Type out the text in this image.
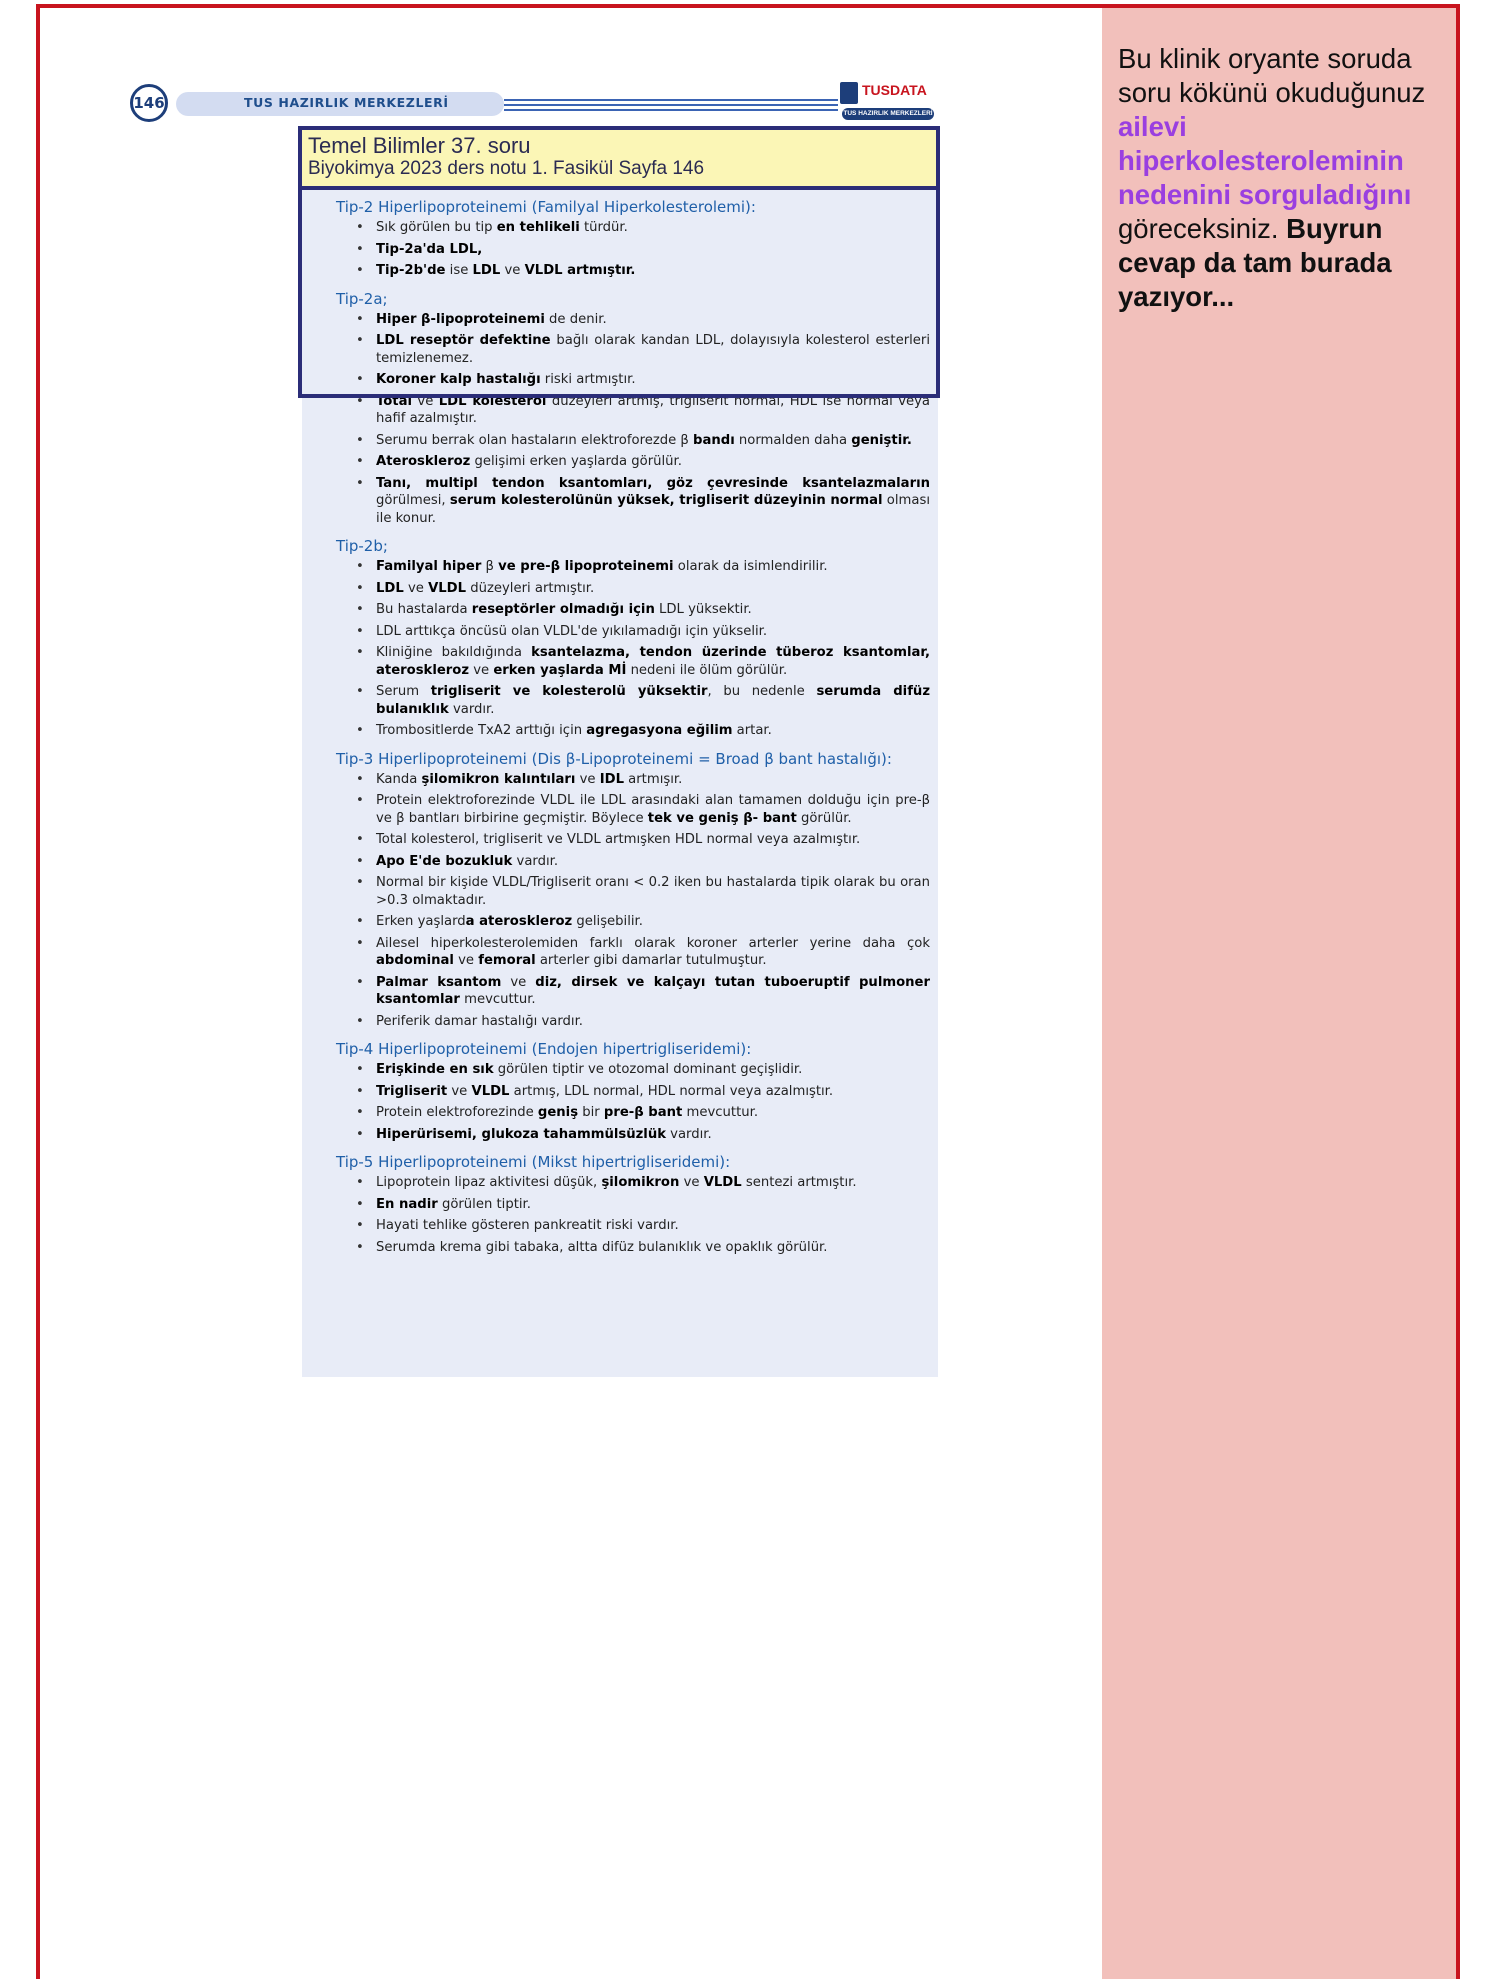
Bu klinik oryante soruda soru kökünü okuduğunuz ailevi hiperkolesteroleminin nedenini sorguladığını göreceksiniz. Buyrun cevap da tam burada yazıyor...
146	TUS HAZIRLIK MERKEZLERİ
TUSDATA
TUS HAZIRLIK MERKEZLERİ
Tip-2 Hiperlipoproteinemi (Familyal Hiperkolesterolemi):
• Sık görülen bu tip en tehlikeli türdür.
• Tip-2a'da LDL,
• Tip-2b'de ise LDL ve VLDL artmıştır.
Tip-2a;
• Hiper β-lipoproteinemi de denir.
• LDL reseptör defektine bağlı olarak kandan LDL, dolayısıyla kolesterol esterleri temizlenemez.
• Koroner kalp hastalığı riski artmıştır.
• Total ve LDL kolesterol düzeyleri artmış, trigliserit normal, HDL ise normal veya hafif azalmıştır.
• Serumu berrak olan hastaların elektroforezde β bandı normalden daha geniştir.
• Ateroskleroz gelişimi erken yaşlarda görülür.
• Tanı, multipl tendon ksantomları, göz çevresinde ksantelazmaların görülmesi, serum kolesterolünün yüksek, trigliserit düzeyinin normal olması ile konur.
Tip-2b;
• Familyal hiper β ve pre-β lipoproteinemi olarak da isimlendirilir.
• LDL ve VLDL düzeyleri artmıştır.
• Bu hastalarda reseptörler olmadığı için LDL yüksektir.
• LDL arttıkça öncüsü olan VLDL'de yıkılamadığı için yükselir.
• Kliniğine bakıldığında ksantelazma, tendon üzerinde tüberoz ksantomlar, ateroskleroz ve erken yaşlarda Mİ nedeni ile ölüm görülür.
• Serum trigliserit ve kolesterolü yüksektir, bu nedenle serumda difüz bulanıklık vardır.
• Trombositlerde TxA2 arttığı için agregasyona eğilim artar.
Tip-3 Hiperlipoproteinemi (Dis β-Lipoproteinemi = Broad β bant hastalığı):
• Kanda şilomikron kalıntıları ve IDL artmışır.
• Protein elektroforezinde VLDL ile LDL arasındaki alan tamamen dolduğu için pre-β ve β bantları birbirine geçmiştir. Böylece tek ve geniş β- bant görülür.
• Total kolesterol, trigliserit ve VLDL artmışken HDL normal veya azalmıştır.
• Apo E'de bozukluk vardır.
• Normal bir kişide VLDL/Trigliserit oranı < 0.2 iken bu hastalarda tipik olarak bu oran >0.3 olmaktadır.
• Erken yaşlarda ateroskleroz gelişebilir.
• Ailesel hiperkolesterolemiden farklı olarak koroner arterler yerine daha çok abdominal ve femoral arterler gibi damarlar tutulmuştur.
• Palmar ksantom ve diz, dirsek ve kalçayı tutan tuboeruptif pulmoner ksantomlar mevcuttur.
• Periferik damar hastalığı vardır.
Tip-4 Hiperlipoproteinemi (Endojen hipertrigliseridemi):
• Erişkinde en sık görülen tiptir ve otozomal dominant geçişlidir.
• Trigliserit ve VLDL artmış, LDL normal, HDL normal veya azalmıştır.
• Protein elektroforezinde geniş bir pre-β bant mevcuttur.
• Hiperürisemi, glukoza tahammülsüzlük vardır.
Tip-5 Hiperlipoproteinemi (Mikst hipertrigliseridemi):
• Lipoprotein lipaz aktivitesi düşük, şilomikron ve VLDL sentezi artmıştır.
• En nadir görülen tiptir.
• Hayati tehlike gösteren pankreatit riski vardır.
• Serumda krema gibi tabaka, altta difüz bulanıklık ve opaklık görülür.
Temel Bilimler 37. soru
Biyokimya 2023 ders notu 1. Fasikül Sayfa 146
